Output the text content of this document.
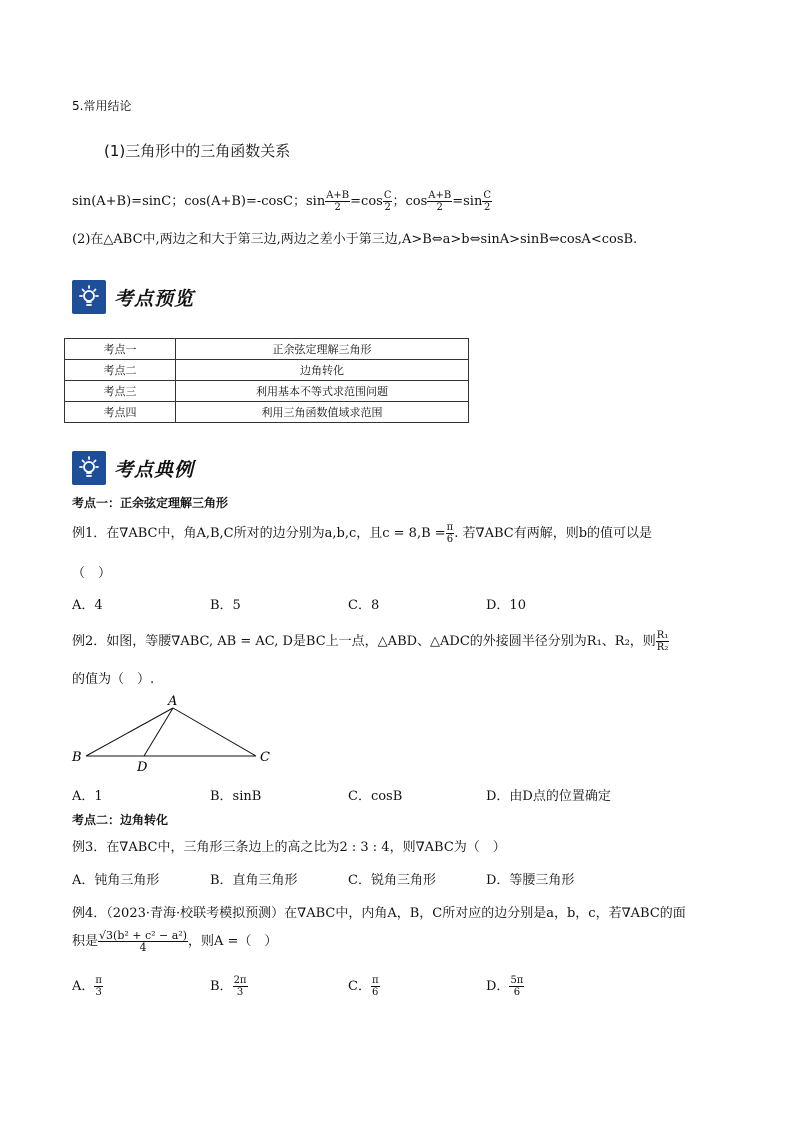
5.常用结论
(1)三角形中的三角函数关系
sin(A+B)=sinC；cos(A+B)=-cosC；$\sin \frac{A+B}{2} =\cos \frac{C}{2}$ ；$\cos \frac{A+B}{2} =\sin \frac{C}{2}$
(2)在△ABC中,两边之和大于第三边,两边之差小于第三边,A>B⇔a>b⇔sinA>sinB⇔cosA<cosB.
考点预览
考点一	正余弦定理解三角形
考点二	边角转化
考点三	利用基本不等式求范围问题
考点四	利用三角函数值域求范围
考点典例
考点一：正余弦定理解三角形
例1．在∇ABC中，角A,B,C所对的边分别为a,b,c，且$c = 8,B = \frac{\pi}{6}$ . 若∇ABC有两解，则b的值可以是
（　）
A．4	B．5	C．8	D．10
例2．如图，等腰∇ABC, AB = AC, D是BC上一点，△ABD、△ADC的外接圆半径分别为R₁、R₂，则 $\frac{\text{R₁}}{\text{R₂}}$
的值为（　）.
A
B	C
D
A．1	B．sinB	C．cosB	D．由D点的位置确定
考点二：边角转化
例3．在∇ABC中，三角形三条边上的高之比为2 : 3 : 4，则∇ABC为（　）
A．钝角三角形	B．直角三角形	C．锐角三角形	D．等腰三角形
例4．（2023·青海·校联考模拟预测）在∇ABC中，内角A，B，C所对应的边分别是a，b，c，若∇ABC的面
积是 $\frac{\text{√3(b² + c² − a²)}}{4}$ ，则A =（　）
A． $\frac{\pi}{3}$	B． $\frac{2\pi}{3}$	C． $\frac{\pi}{6}$	D． $\frac{5\pi}{6}$
